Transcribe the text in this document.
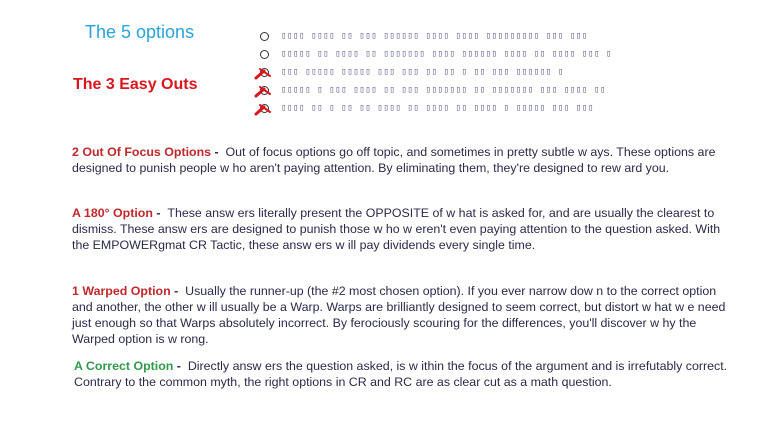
The 5 options
The 3 Easy Outs
▯▯▯▯ ▯▯▯▯ ▯▯ ▯▯▯ ▯▯▯▯▯▯ ▯▯▯▯ ▯▯▯▯ ▯▯▯▯▯▯▯▯▯ ▯▯▯ ▯▯▯
▯▯▯▯▯ ▯▯ ▯▯▯▯ ▯▯ ▯▯▯▯▯▯▯ ▯▯▯▯ ▯▯▯▯▯▯ ▯▯▯▯ ▯▯ ▯▯▯▯ ▯▯▯ ▯
▯▯▯ ▯▯▯▯▯ ▯▯▯▯▯ ▯▯▯ ▯▯▯ ▯▯ ▯▯ ▯ ▯▯ ▯▯▯ ▯▯▯▯▯▯ ▯
▯▯▯▯▯ ▯ ▯▯▯ ▯▯▯▯ ▯▯ ▯▯▯ ▯▯▯▯▯▯▯ ▯▯ ▯▯▯▯▯▯▯ ▯▯▯ ▯▯▯▯ ▯▯
▯▯▯▯ ▯▯ ▯ ▯▯ ▯▯ ▯▯▯▯ ▯▯ ▯▯▯▯ ▯▯ ▯▯▯▯ ▯ ▯▯▯▯▯ ▯▯▯ ▯▯▯
2 Out Of Focus Options -  Out of focus options go off topic, and sometimes in pretty subtle w ays. These options are designed to punish people w ho aren't paying attention. By eliminating them, they're designed to rew ard you.
A 180° Option -  These answ ers literally present the OPPOSITE of w hat is asked for, and are usually the clearest to dismiss. These answ ers are designed to punish those w ho w eren't even paying attention to the question asked. With the EMPOWERgmat CR Tactic, these answ ers w ill pay dividends every single time.
1 Warped Option -  Usually the runner-up (the #2 most chosen option). If you ever narrow dow n to the correct option and another, the other w ill usually be a Warp. Warps are brilliantly designed to seem correct, but distort w hat w e need just enough so that Warps absolutely incorrect. By ferociously scouring for the differences, you'll discover w hy the Warped option is w rong.
A Correct Option -  Directly answ ers the question asked, is w ithin the focus of the argument and is irrefutably correct. Contrary to the common myth, the right options in CR and RC are as clear cut as a math question.
